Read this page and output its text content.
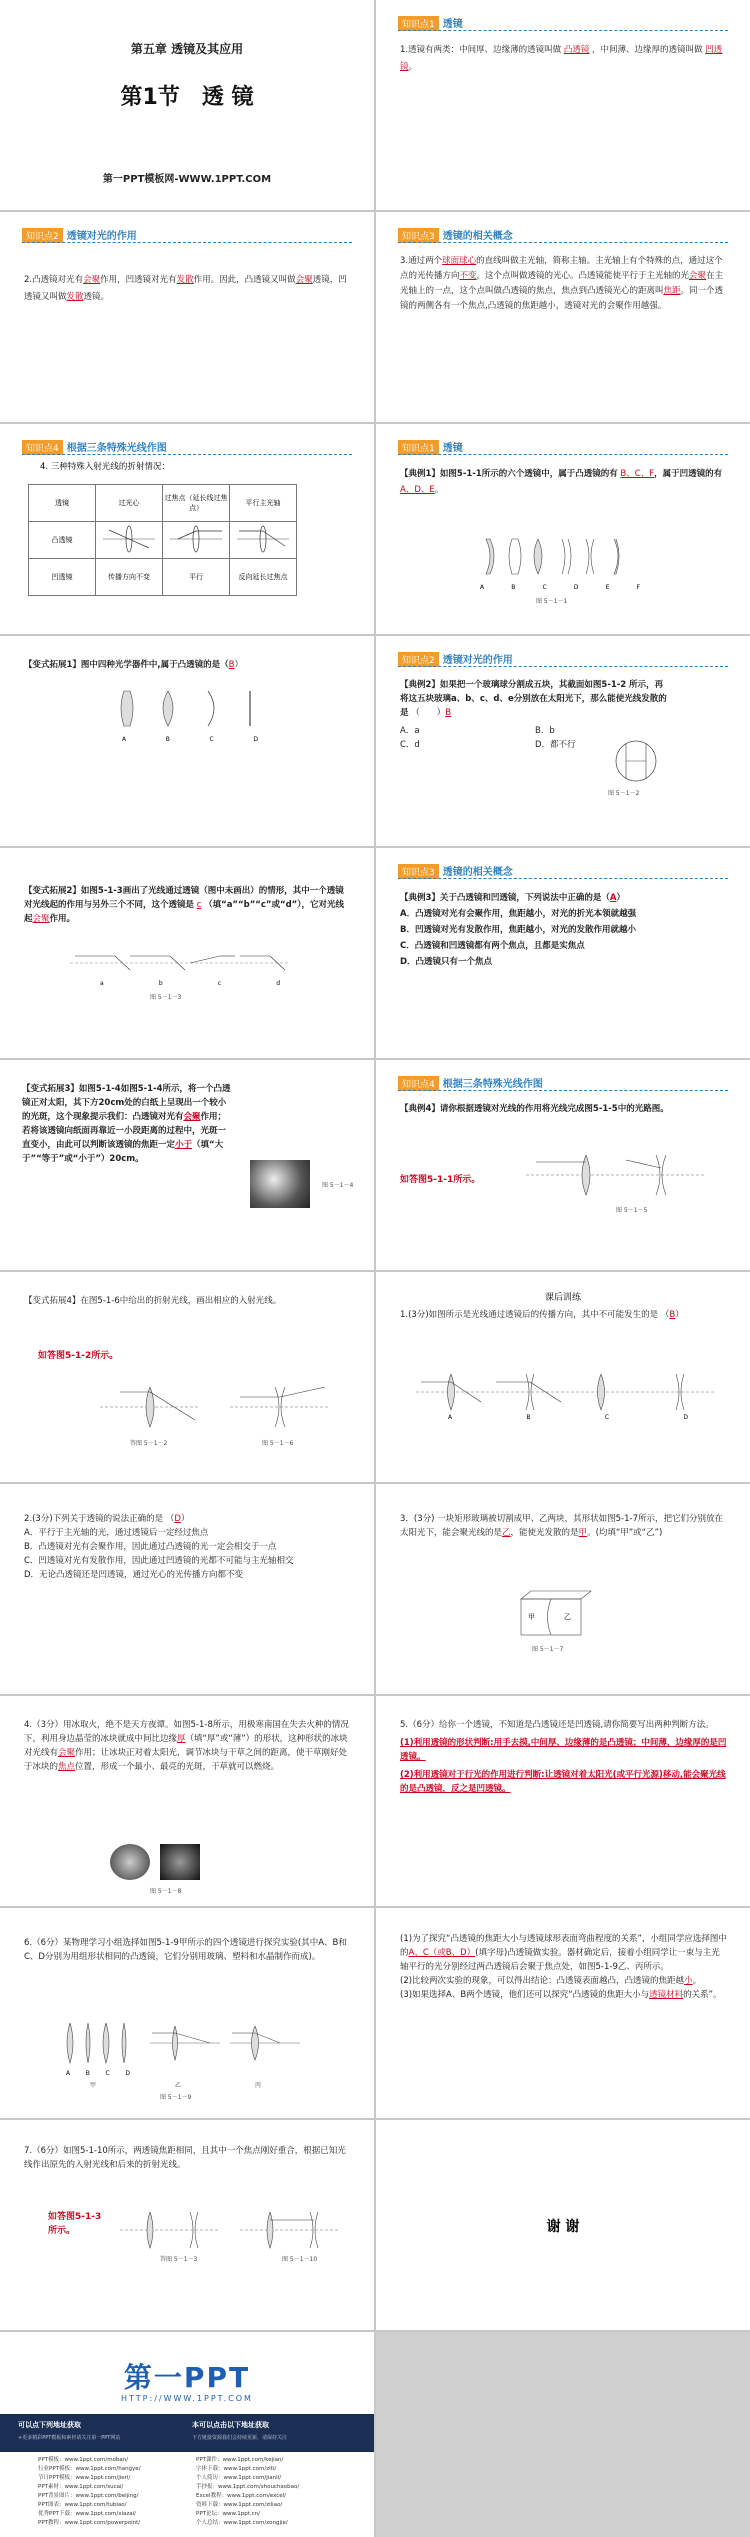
第五章 透镜及其应用
第1节　透 镜
第一PPT模板网-WWW.1PPT.COM
知识点1 透镜
1.透镜有两类：中间厚、边缘薄的透镜叫做 凸透镜 ，中间薄、边缘厚的透镜叫做 凹透镜。
知识点2 透镜对光的作用
2.凸透镜对光有会聚作用，凹透镜对光有发散作用。因此，凸透镜又叫做会聚透镜，凹透镜又叫做发散透镜。
知识点3 透镜的相关概念
3.通过两个球面球心的直线叫做主光轴，简称主轴。主光轴上有个特殊的点，通过这个点的光传播方向不变，这个点叫做透镜的光心。凸透镜能使平行于主光轴的光会聚在主光轴上的一点，这个点叫做凸透镜的焦点，焦点到凸透镜光心的距离叫焦距。同一个透镜的两侧各有一个焦点,凸透镜的焦距越小，透镜对光的会聚作用越强。
知识点4 根据三条特殊光线作图
4. 三种特殊入射光线的折射情况：
透镜	过光心	过焦点（延长线过焦点）	平行主光轴
凸透镜			
凹透镜	传播方向不变	平行	反向延长过焦点
知识点1 透镜
【典例1】如图5-1-1所示的六个透镜中，属于凸透镜的有 B、C、F，属于凹透镜的有 A、D、E。
A	B	C	D	E	F
图 5－1－1
【变式拓展1】图中四种光学器件中,属于凸透镜的是（B）
A	B	C	D
知识点2 透镜对光的作用
【典例2】如果把一个玻璃球分割成五块，其截面如图5-1-2 所示，再将这五块玻璃a、b、c、d、e分别放在太阳光下，那么能使光线发散的是 （　　）B
A．a	B．b
C．d	D．都不行
图 5－1－2
【变式拓展2】如图5-1-3画出了光线通过透镜（图中未画出）的情形，其中一个透镜对光线起的作用与另外三个不同，这个透镜是 c （填“a”“b”“c”或“d”），它对光线起会聚作用。
a	b	c	d
图 5－1－3
知识点3 透镜的相关概念
【典例3】关于凸透镜和凹透镜，下列说法中正确的是（A）
A．凸透镜对光有会聚作用，焦距越小，对光的折光本领就越强
B．凹透镜对光有发散作用，焦距越小，对光的发散作用就越小
C．凸透镜和凹透镜都有两个焦点，且都是实焦点
D．凸透镜只有一个焦点
【变式拓展3】如图5-1-4如图5-1-4所示，将一个凸透镜正对太阳，其下方20cm处的白纸上呈现出一个较小的光斑，这个现象提示我们：凸透镜对光有会聚作用；若将该透镜向纸面再靠近一小段距离的过程中，光斑一直变小，由此可以判断该透镜的焦距一定小于（填“大于”“等于”或“小于”）20cm。
图 5－1－4
知识点4 根据三条特殊光线作图
【典例4】请你根据透镜对光线的作用将光线完成图5-1-5中的光路图。
如答图5-1-1所示。
图 5－1－5
【变式拓展4】在图5-1-6中给出的折射光线，画出相应的入射光线。
如答图5-1-2所示。
答图 5－1－2	图 5－1－6
课后训练
1.(3分)如图所示是光线通过透镜后的传播方向，其中不可能发生的是 （B）
A	B	C	D
2.(3分)下列关于透镜的说法正确的是 （D）
A．平行于主光轴的光，通过透镜后一定经过焦点
B．凸透镜对光有会聚作用，因此通过凸透镜的光一定会相交于一点
C．凹透镜对光有发散作用，因此通过凹透镜的光都不可能与主光轴相交
D．无论凸透镜还是凹透镜，通过光心的光传播方向都不变
3．(3分) 一块矩形玻璃被切割成甲、乙两块，其形状如图5-1-7所示，把它们分别放在太阳光下，能会聚光线的是乙，能使光发散的是甲。(均填“甲”或“乙”)
甲	乙
图 5－1－7
4.（3分）用冰取火，绝不是天方夜谭。如图5-1-8所示，用极寒南国在失去火种的情况下，利用身边晶莹的冰块就成中间比边缘厚（填“厚”或“薄”）的形状，这种形状的冰块对光线有会聚作用；让冰块正对着太阳光，调节冰块与干草之间的距离，使干草刚好处于冰块的焦点位置，形成一个最小、最亮的光斑，干草就可以燃烧。
图 5－1－8
5.（6分）给你一个透镜，不知道是凸透镜还是凹透镜,请你简要写出两种判断方法。
(1)利用透镜的形状判断:用手去摸,中间厚、边缘薄的是凸透镜；中间薄，边缘厚的是凹透镜。
(2)利用透镜对于行光的作用进行判断:让透镜对着太阳光(或平行光源)移动,能会聚光线的是凸透镜，反之是凹透镜。
6.（6分）某物理学习小组选择如图5-1-9甲所示的四个透镜进行探究实验(其中A、B和C、D分别为用组形状相同的凸透镜，它们分别用玻璃、塑料和水晶制作而成)。
A	B	C	D
甲	乙	丙
图 5－1－9
(1)为了探究“凸透镜的焦距大小与透镜球形表面弯曲程度的关系”，小组同学应选择图中的A、C（或B、D）(填字母)凸透镜做实验。器材确定后，接着小组同学让一束与主光轴平行的光分别经过两凸透镜后会聚于焦点处，如图5-1-9乙、丙所示。
(2)比较两次实验的现象，可以得出结论：凸透镜表面越凸，凸透镜的焦距越小。
(3)如果选择A、B两个透镜，他们还可以探究“凸透镜的焦距大小与透镜材料的关系”。
7.（6分）如图5-1-10所示，两透镜焦距相同，且其中一个焦点刚好重合，根据已知光线作出原先的入射光线和后来的折射光线。
如答图5-1-3所示。
答图 5－1－3	图 5－1－10
谢 谢
第一PPT
HTTP://WWW.1PPT.COM
可以点下列地址获取
+更多精彩PPT模板和素材请关注第一PPT网站
本可以点击以下地址获取
下方链接资源我们会持续更新，请保持关注
PPT模板：www.1ppt.com/moban/
行业PPT模板：www.1ppt.com/hangye/
节日PPT模板：www.1ppt.com/jieri/
PPT素材：www.1ppt.com/sucai/
PPT背景图片：www.1ppt.com/beijing/
PPT图表：www.1ppt.com/tubiao/
优秀PPT下载：www.1ppt.com/xiazai/
PPT教程：www.1ppt.com/powerpoint/
PPT课件：www.1ppt.com/kejian/
字体下载：www.1ppt.com/ziti/
个人简历：www.1ppt.com/jianli/
手抄报：www.1ppt.com/shouchaobao/
Excel教程：www.1ppt.com/excel/
资料下载：www.1ppt.com/ziliao/
PPT论坛：www.1ppt.cn/
个人总结：www.1ppt.com/zongjie/
